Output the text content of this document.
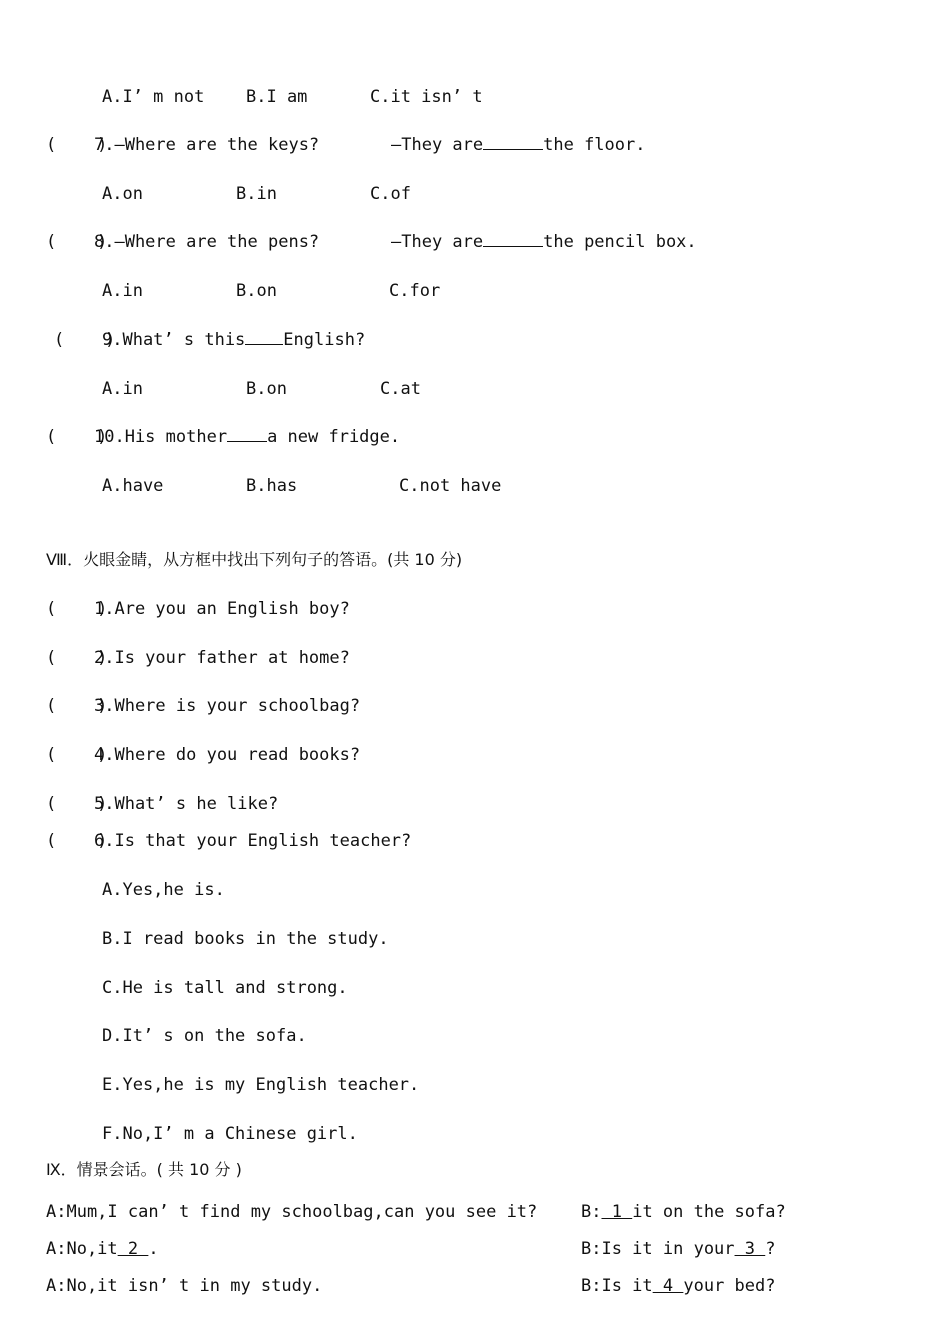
A.I’ m not B.I am	C.it isn’ t
(    )
7.—Where are the keys?	—They are	the floor.
A.on	B.in	C.of
(    )
8.—Where are the pens?	—They are	the pencil box.
A.in	B.on	C.for
(    )
9.What’ s this English?
A.in	B.on	C.at
(    )
10.His mother a new fridge.
A.have	B.has	C.not have
Ⅷ．火眼金睛，从方框中找出下列句子的答语。(共 10 分)
(    )
1.Are you an English boy?
(    )
2.Is your father at home?
(    )
3.Where is your schoolbag?
(    )
4.Where do you read books?
(    )
5.What’ s he like?
(    )
6.Is that your English teacher?
A.Yes,he is.
B.I read books in the study.
C.He is tall and strong.
D.It’ s on the sofa.
E.Yes,he is my English teacher.
F.No,I’ m a Chinese girl.
Ⅸ．情景会话。( 共 10 分 )
A:Mum,I can’ t find my schoolbag,can you see it?	B: 1 it on the sofa?
A:No,it 2 .	B:Is it in your 3 ?
A:No,it isn’ t in my study.	B:Is it 4 your bed?
